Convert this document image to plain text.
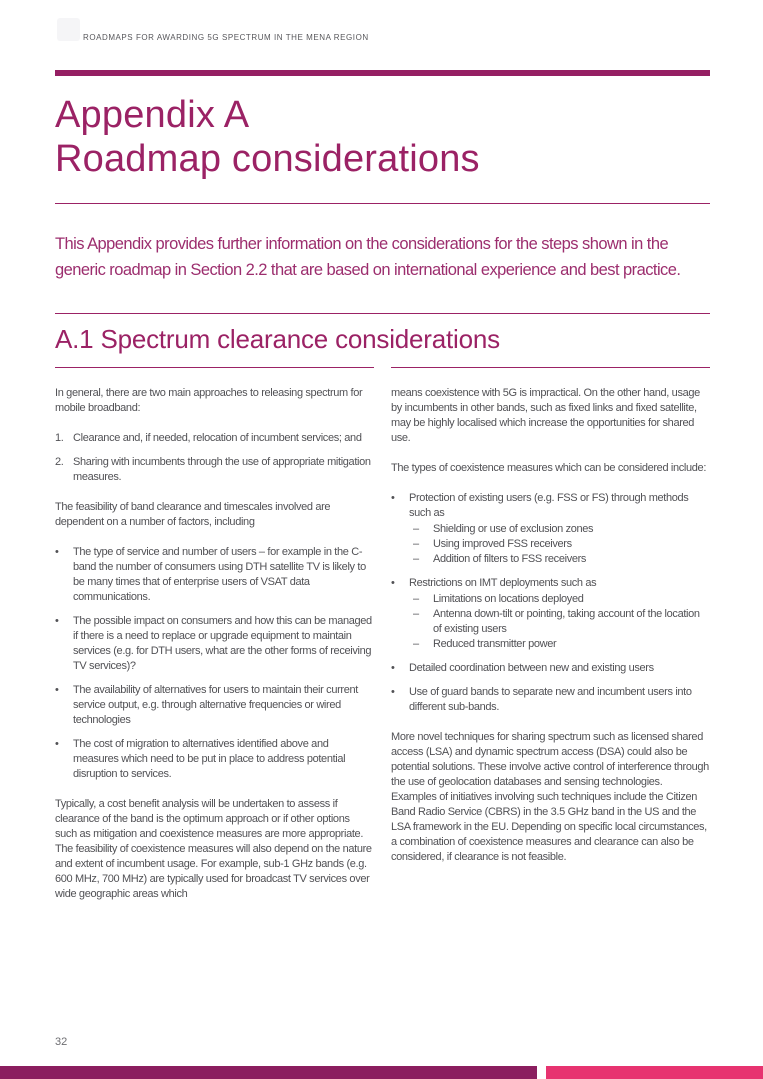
ROADMAPS FOR AWARDING 5G SPECTRUM IN THE MENA REGION
Appendix A
Roadmap considerations

This Appendix provides further information on the considerations for the steps shown in the generic roadmap in Section 2.2 that are based on international experience and best practice.

A.1 Spectrum clearance considerations

In general, there are two main approaches to releasing spectrum for mobile broadband:

1. Clearance and, if needed, relocation of incumbent services; and
2. Sharing with incumbents through the use of appropriate mitigation measures.

The feasibility of band clearance and timescales involved are dependent on a number of factors, including

•	The type of service and number of users – for example in the C-band the number of consumers using DTH satellite TV is likely to be many times that of enterprise users of VSAT data communications.
•	The possible impact on consumers and how this can be managed if there is a need to replace or upgrade equipment to maintain services (e.g. for DTH users, what are the other forms of receiving TV services)?
•	The availability of alternatives for users to maintain their current service output, e.g. through alternative frequencies or wired technologies
•	The cost of migration to alternatives identified above and measures which need to be put in place to address potential disruption to services.

Typically, a cost benefit analysis will be undertaken to assess if clearance of the band is the optimum approach or if other options such as mitigation and coexistence measures are more appropriate. The feasibility of coexistence measures will also depend on the nature and extent of incumbent usage. For example, sub-1 GHz bands (e.g. 600 MHz, 700 MHz) are typically used for broadcast TV services over wide geographic areas which

means coexistence with 5G is impractical. On the other hand, usage by incumbents in other bands, such as fixed links and fixed satellite, may be highly localised which increase the opportunities for shared use.

The types of coexistence measures which can be considered include:

•	Protection of existing users (e.g. FSS or FS) through methods such as
–	Shielding or use of exclusion zones
–	Using improved FSS receivers
–	Addition of filters to FSS receivers
•	Restrictions on IMT deployments such as
–	Limitations on locations deployed
–	Antenna down-tilt or pointing, taking account of the location of existing users
–	Reduced transmitter power
•	Detailed coordination between new and existing users
•	Use of guard bands to separate new and incumbent users into different sub-bands.

More novel techniques for sharing spectrum such as licensed shared access (LSA) and dynamic spectrum access (DSA) could also be potential solutions. These involve active control of interference through the use of geolocation databases and sensing technologies. Examples of initiatives involving such techniques include the Citizen Band Radio Service (CBRS) in the 3.5 GHz band in the US and the LSA framework in the EU. Depending on specific local circumstances, a combination of coexistence measures and clearance can also be considered, if clearance is not feasible.

32
